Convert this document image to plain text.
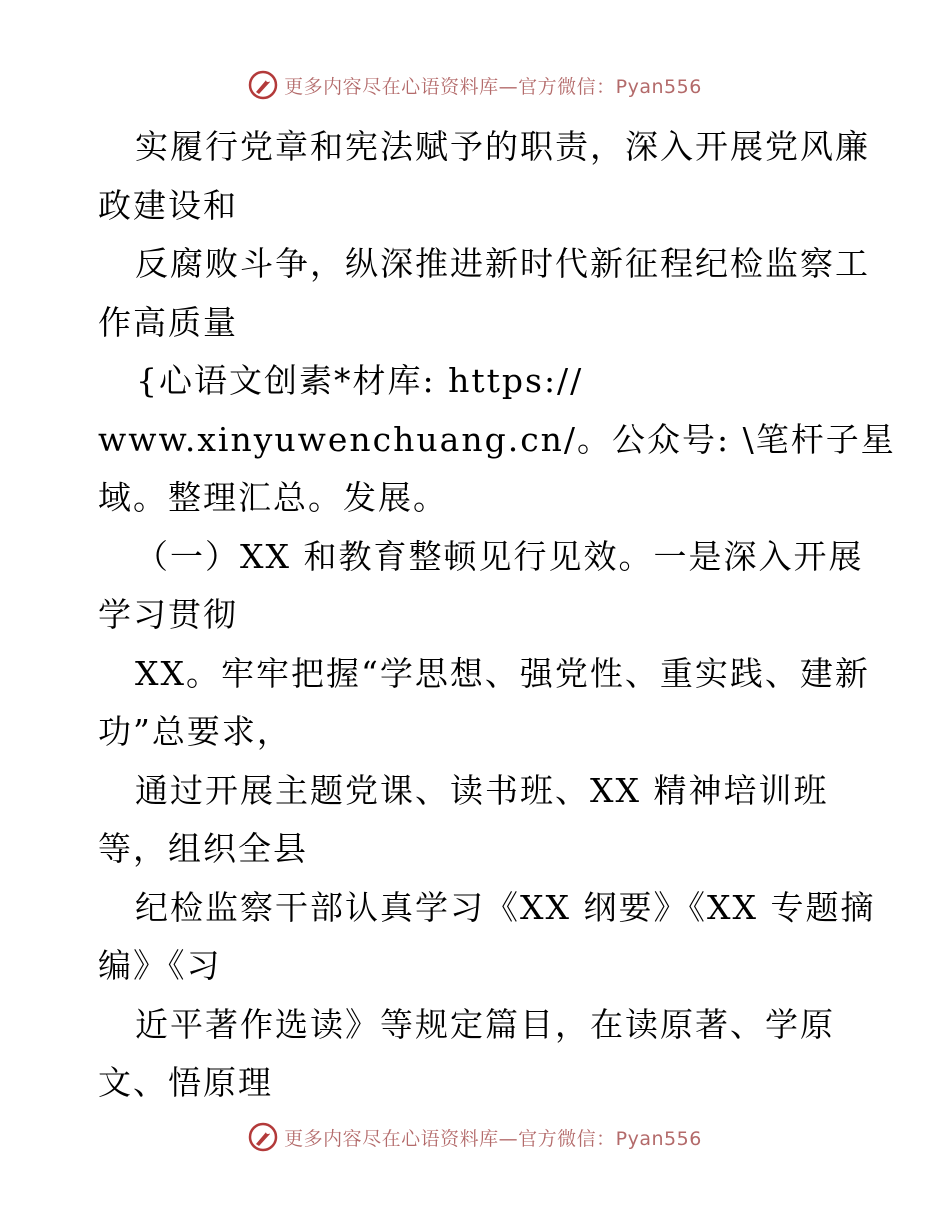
更多内容尽在心语资料库—官方微信：Pyan556
实履行党章和宪法赋予的职责，深入开展党风廉
政建设和
反腐败斗争，纵深推进新时代新征程纪检监察工
作高质量
{心语文创素*材库: https://
www.xinyuwenchuang.cn/。公众号: \笔杆子星
域。整理汇总。发展。
（一）XX 和教育整顿见行见效。一是深入开展
学习贯彻
XX。牢牢把握“学思想、强党性、重实践、建新
功”总要求，
通过开展主题党课、读书班、XX 精神培训班
等，组织全县
纪检监察干部认真学习《XX 纲要》《XX 专题摘
编》《习
近平著作选读》等规定篇目，在读原著、学原
文、悟原理
更多内容尽在心语资料库—官方微信：Pyan556
